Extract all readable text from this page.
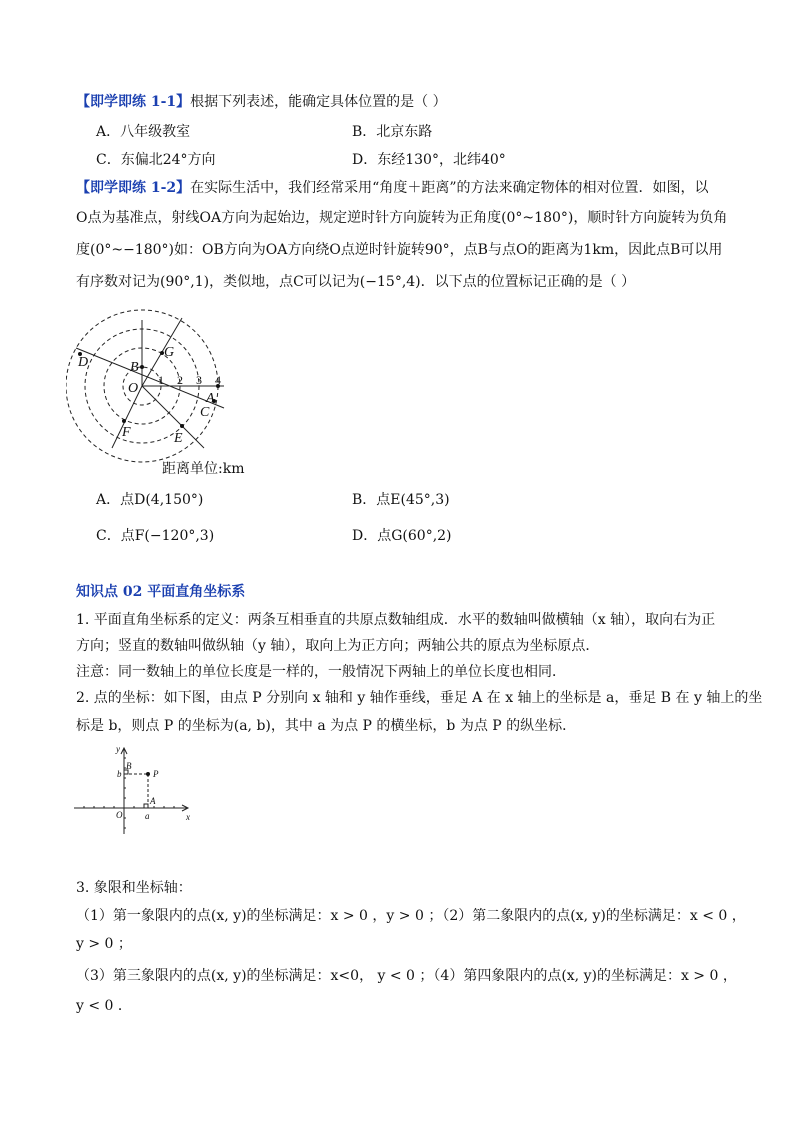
【即学即练 1-1】根据下列表述，能确定具体位置的是（ ）
A．八年级教室	B．北京东路
C．东偏北24°方向	D．东经130°，北纬40°
【即学即练 1-2】在实际生活中，我们经常采用“角度＋距离”的方法来确定物体的相对位置．如图，以
O点为基准点，射线OA方向为起始边，规定逆时针方向旋转为正角度(0°~180°)，顺时针方向旋转为负角
度(0°~−180°)如：OB方向为OA方向绕O点逆时针旋转90°，点B与点O的距离为1km，因此点B可以用
有序数对记为(90°,1)，类似地，点C可以记为(−15°,4)．以下点的位置标记正确的是（ ）
O
D
G
B
A
C
F	E
1 2 3 4
距离单位:km
A．点D(4,150°)	B．点E(45°,3)
C．点F(−120°,3)	D．点G(60°,2)
知识点 02 平面直角坐标系
1. 平面直角坐标系的定义：两条互相垂直的共原点数轴组成．水平的数轴叫做横轴（x 轴），取向右为正
方向；竖直的数轴叫做纵轴（y 轴），取向上为正方向；两轴公共的原点为坐标原点．
注意：同一数轴上的单位长度是一样的，一般情况下两轴上的单位长度也相同．
2. 点的坐标：如下图，由点 P 分别向 x 轴和 y 轴作垂线，垂足 A 在 x 轴上的坐标是 a，垂足 B 在 y 轴上的坐
标是 b，则点 P 的坐标为(a, b)，其中 a 为点 P 的横坐标，b 为点 P 的纵坐标．
y
x
O	a
b
A
B
P
3. 象限和坐标轴：
（1）第一象限内的点(x, y)的坐标满足：x > 0 ，y > 0 ；（2）第二象限内的点(x, y)的坐标满足：x < 0 ，
y > 0 ；
（3）第三象限内的点(x, y)的坐标满足：x<0， y < 0 ；（4）第四象限内的点(x, y)的坐标满足：x > 0 ，
y < 0 ．
